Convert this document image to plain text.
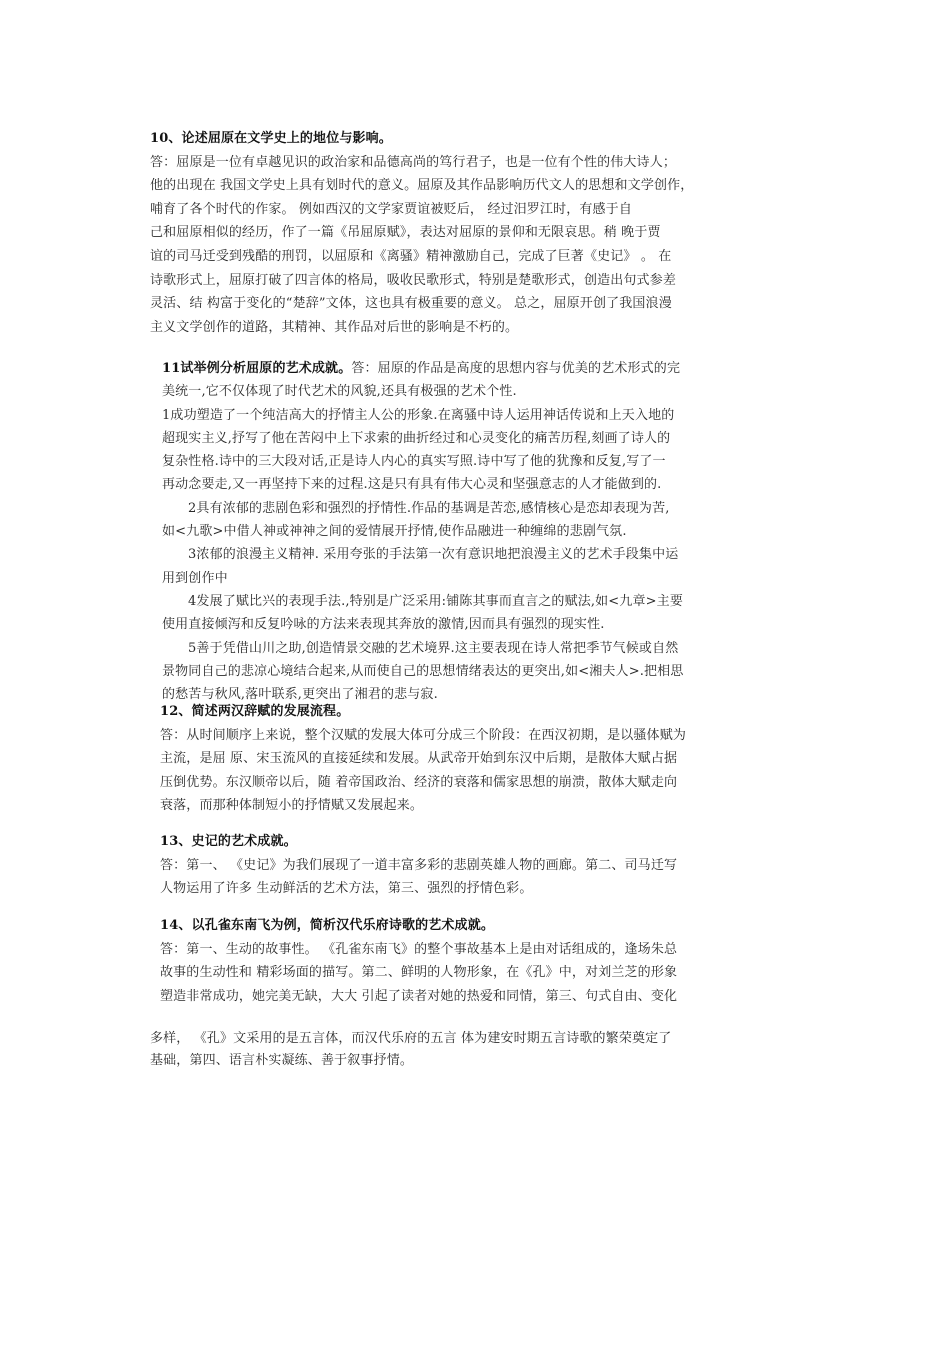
10、论述屈原在文学史上的地位与影响。
答：屈原是一位有卓越见识的政治家和品德高尚的笃行君子，也是一位有个性的伟大诗人；
他的出现在 我国文学史上具有划时代的意义。屈原及其作品影响历代文人的思想和文学创作，
哺育了各个时代的作家。 例如西汉的文学家贾谊被贬后， 经过汨罗江时，有感于自
己和屈原相似的经历，作了一篇《吊屈原赋》，表达对屈原的景仰和无限哀思。稍 晚于贾
谊的司马迁受到残酷的刑罚，以屈原和《离骚》精神激励自己，完成了巨著《史记》 。 在
诗歌形式上，屈原打破了四言体的格局，吸收民歌形式，特别是楚歌形式，创造出句式参差
灵活、结 构富于变化的“楚辞”文体，这也具有极重要的意义。 总之，屈原开创了我国浪漫
主义文学创作的道路，其精神、其作品对后世的影响是不朽的。
11试举例分析屈原的艺术成就。答：屈原的作品是高度的思想内容与优美的艺术形式的完
美统一,它不仅体现了时代艺术的风貌,还具有极强的艺术个性.
1成功塑造了一个纯洁高大的抒情主人公的形象.在离骚中诗人运用神话传说和上天入地的
超现实主义,抒写了他在苦闷中上下求索的曲折经过和心灵变化的痛苦历程,刻画了诗人的
复杂性格.诗中的三大段对话,正是诗人内心的真实写照.诗中写了他的犹豫和反复,写了一
再动念要走,又一再坚持下来的过程.这是只有具有伟大心灵和坚强意志的人才能做到的.
2具有浓郁的悲剧色彩和强烈的抒情性.作品的基调是苦恋,感情核心是恋却表现为苦,
如<九歌>中借人神或神神之间的爱情展开抒情,使作品融进一种缠绵的悲剧气氛.
3浓郁的浪漫主义精神. 采用夸张的手法第一次有意识地把浪漫主义的艺术手段集中运
用到创作中
4发展了赋比兴的表现手法.,特别是广泛采用:铺陈其事而直言之的赋法,如<九章>主要
使用直接倾泻和反复吟咏的方法来表现其奔放的激情,因而具有强烈的现实性.
5善于凭借山川之助,创造情景交融的艺术境界.这主要表现在诗人常把季节气候或自然
景物同自己的悲凉心境结合起来,从而使自己的思想情绪表达的更突出,如<湘夫人>.把相思
的愁苦与秋风,落叶联系,更突出了湘君的悲与寂.
12、简述两汉辞赋的发展流程。
答：从时间顺序上来说，整个汉赋的发展大体可分成三个阶段：在西汉初期，是以骚体赋为
主流，是屈 原、宋玉流风的直接延续和发展。从武帝开始到东汉中后期，是散体大赋占据
压倒优势。东汉顺帝以后，随 着帝国政治、经济的衰落和儒家思想的崩溃，散体大赋走向
衰落，而那种体制短小的抒情赋又发展起来。
13、史记的艺术成就。
答：第一、 《史记》为我们展现了一道丰富多彩的悲剧英雄人物的画廊。第二、司马迁写
人物运用了许多 生动鲜活的艺术方法，第三、强烈的抒情色彩。
14、以孔雀东南飞为例，简析汉代乐府诗歌的艺术成就。
答：第一、生动的故事性。 《孔雀东南飞》的整个事故基本上是由对话组成的，逢场朱总
故事的生动性和 精彩场面的描写。第二、鲜明的人物形象，在《孔》中，对刘兰芝的形象
塑造非常成功，她完美无缺，大大 引起了读者对她的热爱和同情，第三、句式自由、变化
多样， 《孔》文采用的是五言体，而汉代乐府的五言 体为建安时期五言诗歌的繁荣奠定了
基础，第四、语言朴实凝练、善于叙事抒情。
